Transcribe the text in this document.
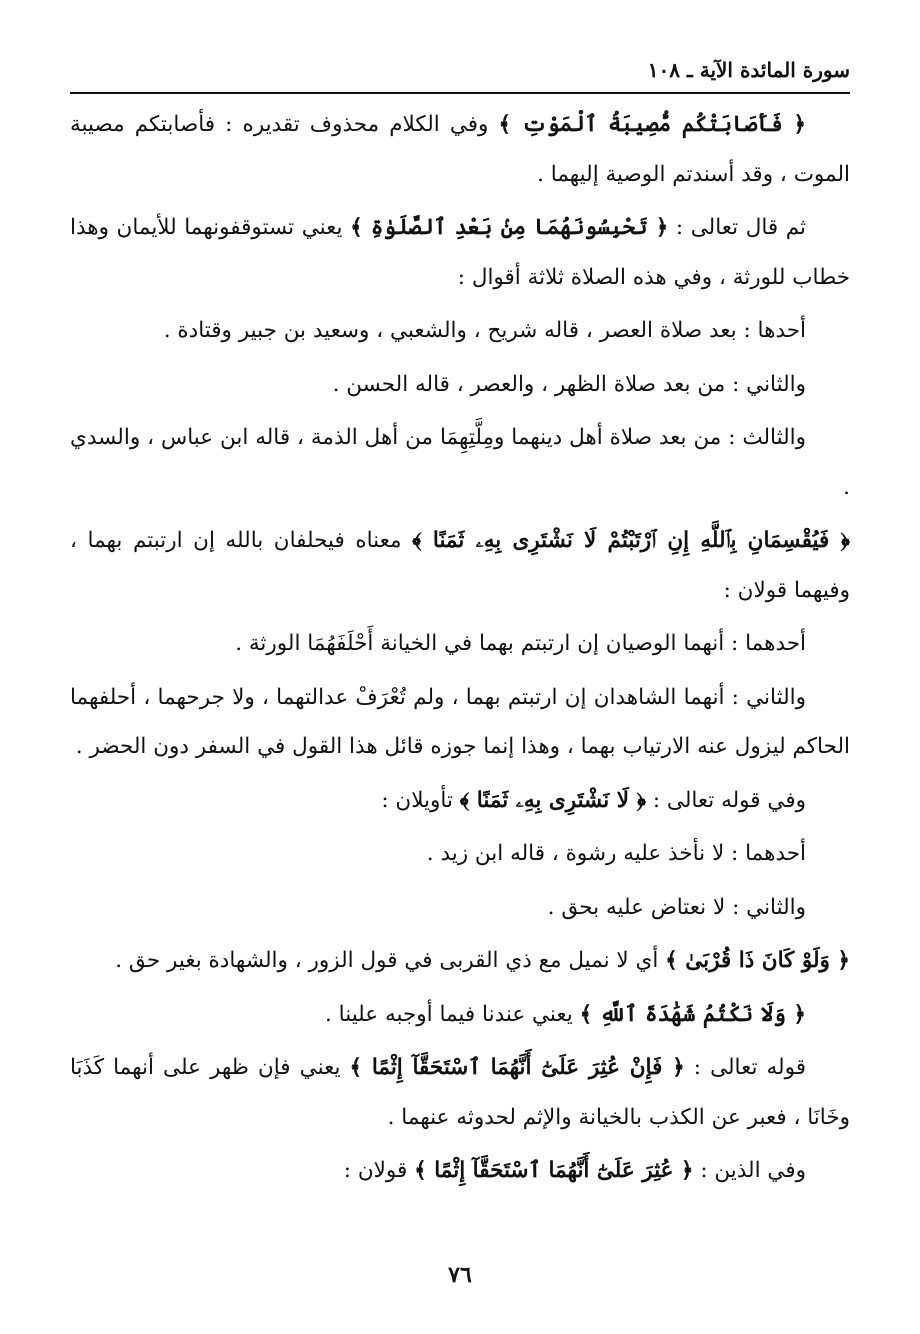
سورة المائدة الآية ـ ١٠٨

﴿ فَأَصَابَتْكُم مُّصِيبَةُ ٱلْمَوْتِ ﴾ وفي الكلام محذوف تقديره : فأصابتكم مصيبة الموت ، وقد أسندتم الوصية إليهما .

ثم قال تعالى : ﴿ تَحْبِسُونَهُمَا مِنۢ بَعْدِ ٱلصَّلَوٰةِ ﴾ يعني تستوقفونهما للأيمان وهذا خطاب للورثة ، وفي هذه الصلاة ثلاثة أقوال :

أحدها : بعد صلاة العصر ، قاله شريح ، والشعبي ، وسعيد بن جبير وقتادة .

والثاني : من بعد صلاة الظهر ، والعصر ، قاله الحسن .

والثالث : من بعد صلاة أهل دينهما ومِلَّتِهِمَا من أهل الذمة ، قاله ابن عباس ، والسدي .

﴿ فَيُقْسِمَانِ بِٱللَّهِ إِنِ ٱرْتَبْتُمْ لَا نَشْتَرِى بِهِۦ ثَمَنًا ﴾ معناه فيحلفان بالله إن ارتبتم بهما ، وفيهما قولان :

أحدهما : أنهما الوصيان إن ارتبتم بهما في الخيانة أَحْلَفَهُمَا الورثة .

والثاني : أنهما الشاهدان إن ارتبتم بهما ، ولم تُعْرَفْ عدالتهما ، ولا جرحهما ، أحلفهما الحاكم ليزول عنه الارتياب بهما ، وهذا إنما جوزه قائل هذا القول في السفر دون الحضر .

وفي قوله تعالى : ﴿ لَا نَشْتَرِى بِهِۦ ثَمَنًا ﴾ تأويلان :

أحدهما : لا نأخذ عليه رشوة ، قاله ابن زيد .

والثاني : لا نعتاض عليه بحق .

﴿ وَلَوْ كَانَ ذَا قُرْبَىٰ ﴾ أي لا نميل مع ذي القربى في قول الزور ، والشهادة بغير حق .

﴿ وَلَا نَكْتُمُ شَهَٰدَةَ ٱللَّهِ ﴾ يعني عندنا فيما أوجبه علينا .

قوله تعالى : ﴿ فَإِنْ عُثِرَ عَلَىٰٓ أَنَّهُمَا ٱسْتَحَقَّآ إِثْمًا ﴾ يعني فإن ظهر على أنهما كَذَبَا وخَانَا ، فعبر عن الكذب بالخيانة والإثم لحدوثه عنهما .

وفي الذين : ﴿ عُثِرَ عَلَىٰٓ أَنَّهُمَا ٱسْتَحَقَّآ إِثْمًا ﴾ قولان :

٧٦
